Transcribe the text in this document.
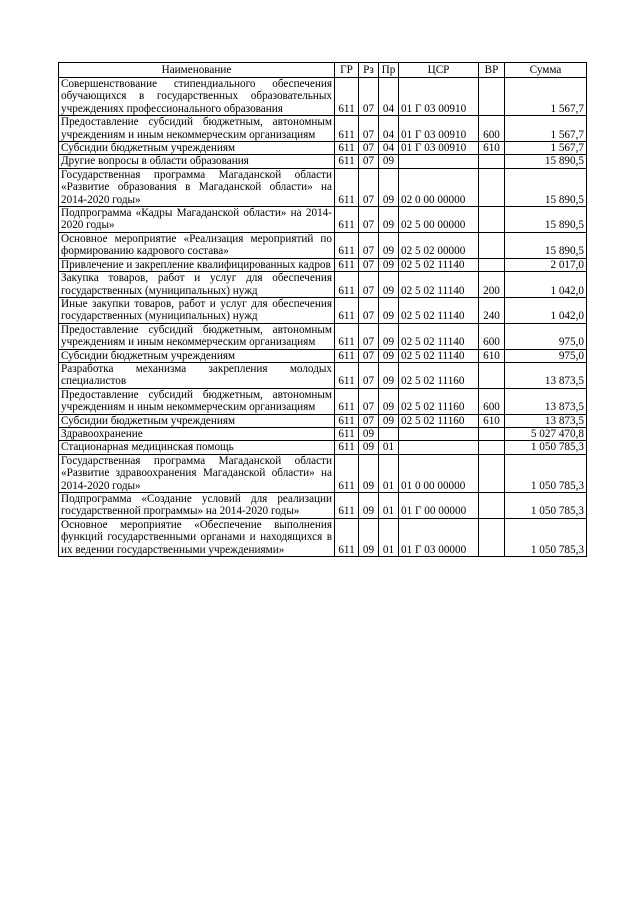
Наименование	ГР	Рз	Пр	ЦСР	ВР	Сумма
Совершенствование стипендиального обеспечения обучающихся в государственных образовательных учреждениях профессионального образования	611	07	04	01 Г 03 00910		1 567,7
Предоставление субсидий бюджетным, автономным учреждениям и иным некоммерческим организациям	611	07	04	01 Г 03 00910	600	1 567,7
Субсидии бюджетным учреждениям	611	07	04	01 Г 03 00910	610	1 567,7
Другие вопросы в области образования	611	07	09			15 890,5
Государственная программа Магаданской области «Развитие образования в Магаданской области» на 2014-2020 годы»	611	07	09	02 0 00 00000		15 890,5
Подпрограмма «Кадры Магаданской области» на 2014-2020 годы»	611	07	09	02 5 00 00000		15 890,5
Основное мероприятие «Реализация мероприятий по формированию кадрового состава»	611	07	09	02 5 02 00000		15 890,5
Привлечение и закрепление квалифицированных кадров	611	07	09	02 5 02 11140		2 017,0
Закупка товаров, работ и услуг для обеспечения государственных (муниципальных) нужд	611	07	09	02 5 02 11140	200	1 042,0
Иные закупки товаров, работ и услуг для обеспечения государственных (муниципальных) нужд	611	07	09	02 5 02 11140	240	1 042,0
Предоставление субсидий бюджетным, автономным учреждениям и иным некоммерческим организациям	611	07	09	02 5 02 11140	600	975,0
Субсидии бюджетным учреждениям	611	07	09	02 5 02 11140	610	975,0
Разработка механизма закрепления молодых специалистов	611	07	09	02 5 02 11160		13 873,5
Предоставление субсидий бюджетным, автономным учреждениям и иным некоммерческим организациям	611	07	09	02 5 02 11160	600	13 873,5
Субсидии бюджетным учреждениям	611	07	09	02 5 02 11160	610	13 873,5
Здравоохранение	611	09				5 027 470,8
Стационарная медицинская помощь	611	09	01			1 050 785,3
Государственная программа Магаданской области «Развитие здравоохранения Магаданской области» на 2014-2020 годы»	611	09	01	01 0 00 00000		1 050 785,3
Подпрограмма «Создание условий для реализации государственной программы» на 2014-2020 годы»	611	09	01	01 Г 00 00000		1 050 785,3
Основное мероприятие «Обеспечение выполнения функций государственными органами и находящихся в их ведении государственными учреждениями»	611	09	01	01 Г 03 00000		1 050 785,3
